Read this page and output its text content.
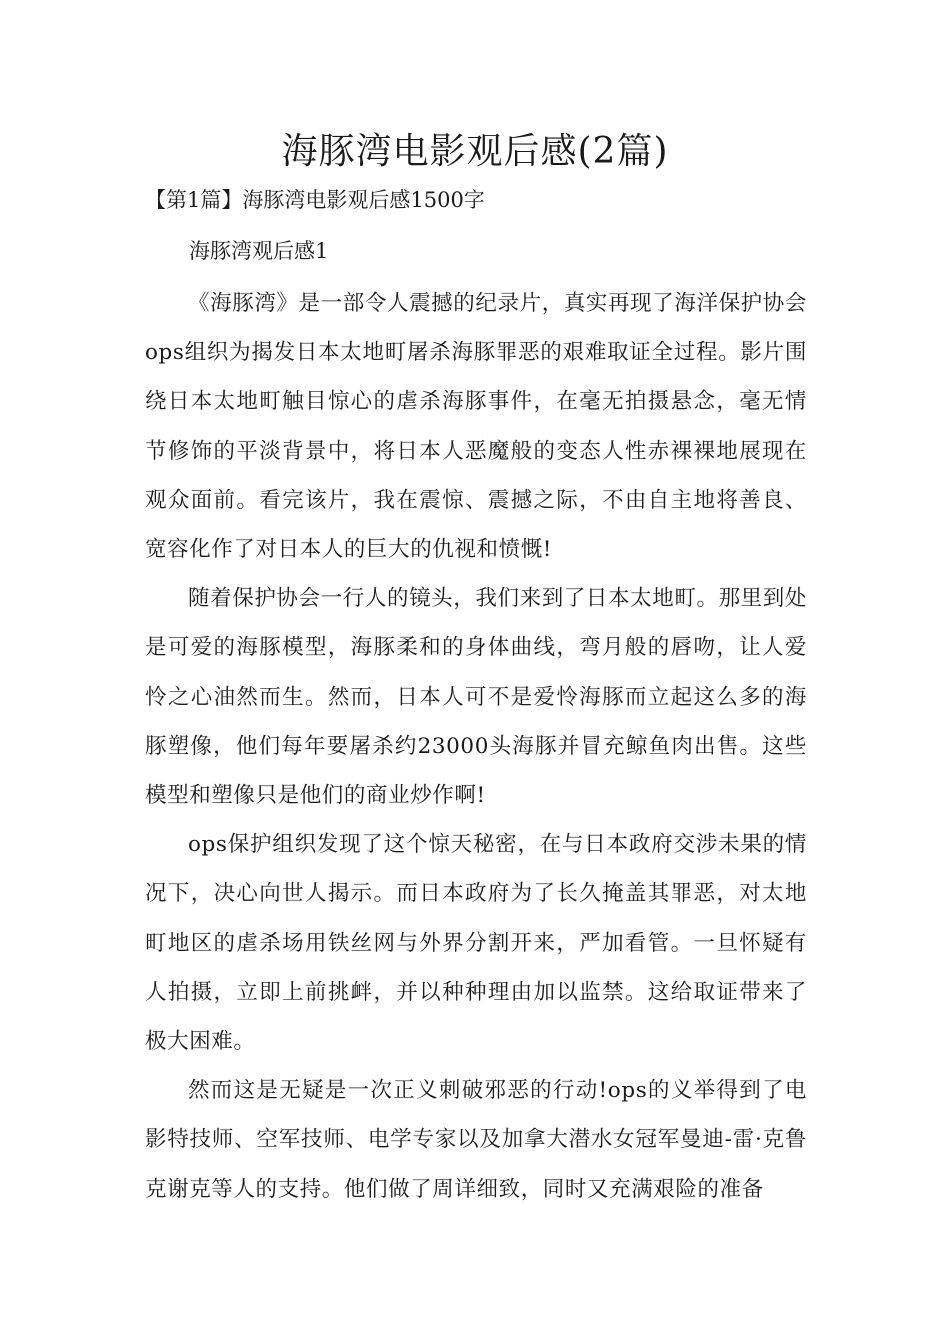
海豚湾电影观后感(2篇)
【第1篇】海豚湾电影观后感1500字

海豚湾观后感1

《海豚湾》是一部令人震撼的纪录片，真实再现了海洋保护协会ops组织为揭发日本太地町屠杀海豚罪恶的艰难取证全过程。影片围绕日本太地町触目惊心的虐杀海豚事件，在毫无拍摄悬念，毫无情节修饰的平淡背景中，将日本人恶魔般的变态人性赤裸裸地展现在观众面前。看完该片，我在震惊、震撼之际，不由自主地将善良、宽容化作了对日本人的巨大的仇视和愤慨!

随着保护协会一行人的镜头，我们来到了日本太地町。那里到处是可爱的海豚模型，海豚柔和的身体曲线，弯月般的唇吻，让人爱怜之心油然而生。然而，日本人可不是爱怜海豚而立起这么多的海豚塑像，他们每年要屠杀约23000头海豚并冒充鲸鱼肉出售。这些模型和塑像只是他们的商业炒作啊!

ops保护组织发现了这个惊天秘密，在与日本政府交涉未果的情况下，决心向世人揭示。而日本政府为了长久掩盖其罪恶，对太地町地区的虐杀场用铁丝网与外界分割开来，严加看管。一旦怀疑有人拍摄，立即上前挑衅，并以种种理由加以监禁。这给取证带来了极大困难。

然而这是无疑是一次正义刺破邪恶的行动!ops的义举得到了电影特技师、空军技师、电学专家以及加拿大潜水女冠军曼迪-雷·克鲁克谢克等人的支持。他们做了周详细致，同时又充满艰险的准备
